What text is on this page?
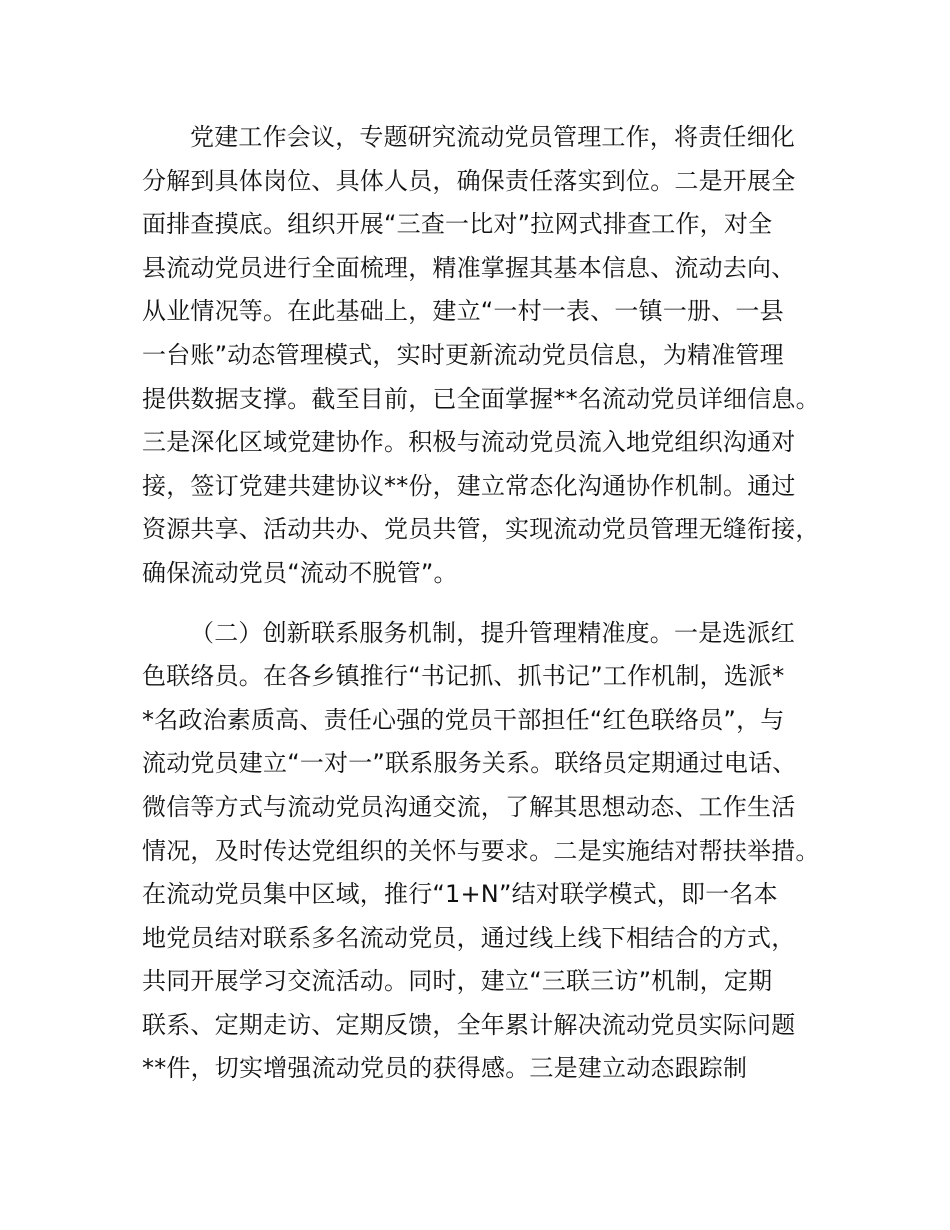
党建工作会议，专题研究流动党员管理工作，将责任细化
分解到具体岗位、具体人员，确保责任落实到位。二是开展全
面排查摸底。组织开展“三查一比对”拉网式排查工作，对全
县流动党员进行全面梳理，精准掌握其基本信息、流动去向、
从业情况等。在此基础上，建立“一村一表、一镇一册、一县
一台账”动态管理模式，实时更新流动党员信息，为精准管理
提供数据支撑。截至目前，已全面掌握**名流动党员详细信息。
三是深化区域党建协作。积极与流动党员流入地党组织沟通对
接，签订党建共建协议**份，建立常态化沟通协作机制。通过
资源共享、活动共办、党员共管，实现流动党员管理无缝衔接，
确保流动党员“流动不脱管”。
（二）创新联系服务机制，提升管理精准度。一是选派红
色联络员。在各乡镇推行“书记抓、抓书记”工作机制，选派*
*名政治素质高、责任心强的党员干部担任“红色联络员”，与
流动党员建立“一对一”联系服务关系。联络员定期通过电话、
微信等方式与流动党员沟通交流，了解其思想动态、工作生活
情况，及时传达党组织的关怀与要求。二是实施结对帮扶举措。
在流动党员集中区域，推行“1+N”结对联学模式，即一名本
地党员结对联系多名流动党员，通过线上线下相结合的方式，
共同开展学习交流活动。同时，建立“三联三访”机制，定期
联系、定期走访、定期反馈，全年累计解决流动党员实际问题
**件，切实增强流动党员的获得感。三是建立动态跟踪制
